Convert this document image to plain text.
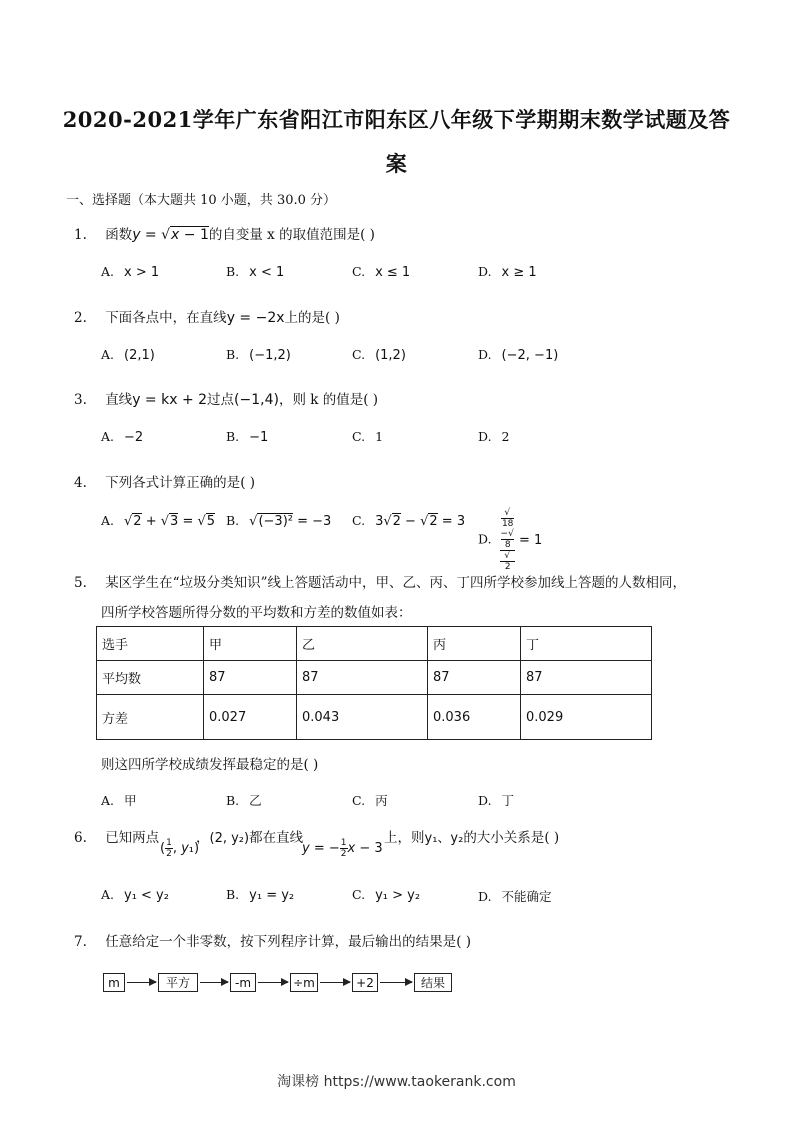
2020-2021学年广东省阳江市阳东区八年级下学期期末数学试题及答
案
一、选择题（本大题共 10 小题，共 30.0 分）
1. 函数y = √x − 1的自变量 x 的取值范围是( )
A. x > 1	B. x < 1	C. x ≤ 1	D. x ≥ 1
2. 下面各点中，在直线y = −2x上的是( )
A. (2,1)	B. (−1,2)	C. (1,2)	D. (−2, −1)
3. 直线y = kx + 2过点(−1,4)，则 k 的值是( )
A. −2	B. −1	C. 1	D. 2
4. 下列各式计算正确的是( )
A. √2 + √3 = √5 B. √(−3)² = −3 C. 3√2 − √2 = 3
D. √
18
−√
8
√
2 = 1
5. 某区学生在“垃圾分类知识”线上答题活动中，甲、乙、丙、丁四所学校参加线上答题的人数相同，
四所学校答题所得分数的平均数和方差的数值如表：
选手	甲	乙	丙	丁
平均数	87	87	87	87
方差	0.027	0.043	0.036	0.029
则这四所学校成绩发挥最稳定的是( )
A. 甲	B. 乙	C. 丙	D. 丁
6. 已知两点
( $\frac{1}{2}$ , y₁)
，(2, y₂)都在直线
y = − $\frac{1}{2}$ x − 3
上，则y₁、y₂的大小关系是( )
A. y₁ < y₂	B. y₁ = y₂	C. y₁ > y₂	D. 不能确定
7. 任意给定一个非零数，按下列程序计算，最后输出的结果是( )
m	平方	-m	÷m	+2	结果
淘课榜 https://www.taokerank.com
